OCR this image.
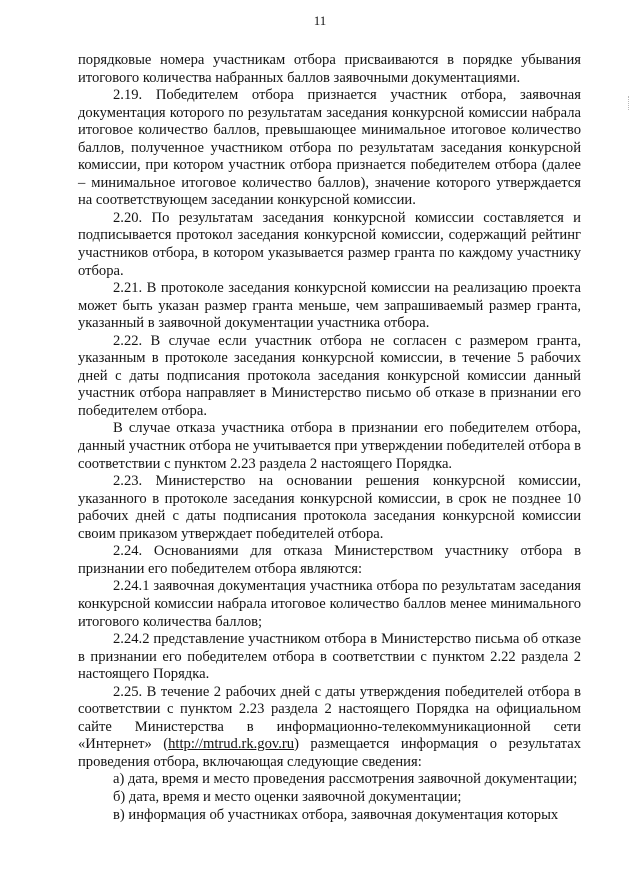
11

порядковые номера участникам отбора присваиваются в порядке убывания итогового количества набранных баллов заявочными документациями.

2.19. Победителем отбора признается участник отбора, заявочная документация которого по результатам заседания конкурсной комиссии набрала итоговое количество баллов, превышающее минимальное итоговое количество баллов, полученное участником отбора по результатам заседания конкурсной комиссии, при котором участник отбора признается победителем отбора (далее – минимальное итоговое количество баллов), значение которого утверждается на соответствующем заседании конкурсной комиссии.

2.20. По результатам заседания конкурсной комиссии составляется и подписывается протокол заседания конкурсной комиссии, содержащий рейтинг участников отбора, в котором указывается размер гранта по каждому участнику отбора.

2.21. В протоколе заседания конкурсной комиссии на реализацию проекта может быть указан размер гранта меньше, чем запрашиваемый размер гранта, указанный в заявочной документации участника отбора.

2.22. В случае если участник отбора не согласен с размером гранта, указанным в протоколе заседания конкурсной комиссии, в течение 5 рабочих дней с даты подписания протокола заседания конкурсной комиссии данный участник отбора направляет в Министерство письмо об отказе в признании его победителем отбора.

В случае отказа участника отбора в признании его победителем отбора, данный участник отбора не учитывается при утверждении победителей отбора в соответствии с пунктом 2.23 раздела 2 настоящего Порядка.

2.23. Министерство на основании решения конкурсной комиссии, указанного в протоколе заседания конкурсной комиссии, в срок не позднее 10 рабочих дней с даты подписания протокола заседания конкурсной комиссии своим приказом утверждает победителей отбора.

2.24. Основаниями для отказа Министерством участнику отбора в признании его победителем отбора являются:

2.24.1 заявочная документация участника отбора по результатам заседания конкурсной комиссии набрала итоговое количество баллов менее минимального итогового количества баллов;

2.24.2 представление участником отбора в Министерство письма об отказе в признании его победителем отбора в соответствии с пунктом 2.22 раздела 2 настоящего Порядка.

2.25. В течение 2 рабочих дней с даты утверждения победителей отбора в соответствии с пунктом 2.23 раздела 2 настоящего Порядка на официальном сайте Министерства в информационно-телекоммуникационной сети «Интернет» (http://mtrud.rk.gov.ru) размещается информация о результатах проведения отбора, включающая следующие сведения:

а) дата, время и место проведения рассмотрения заявочной документации;

б) дата, время и место оценки заявочной документации;

в) информация об участниках отбора, заявочная документация которых
